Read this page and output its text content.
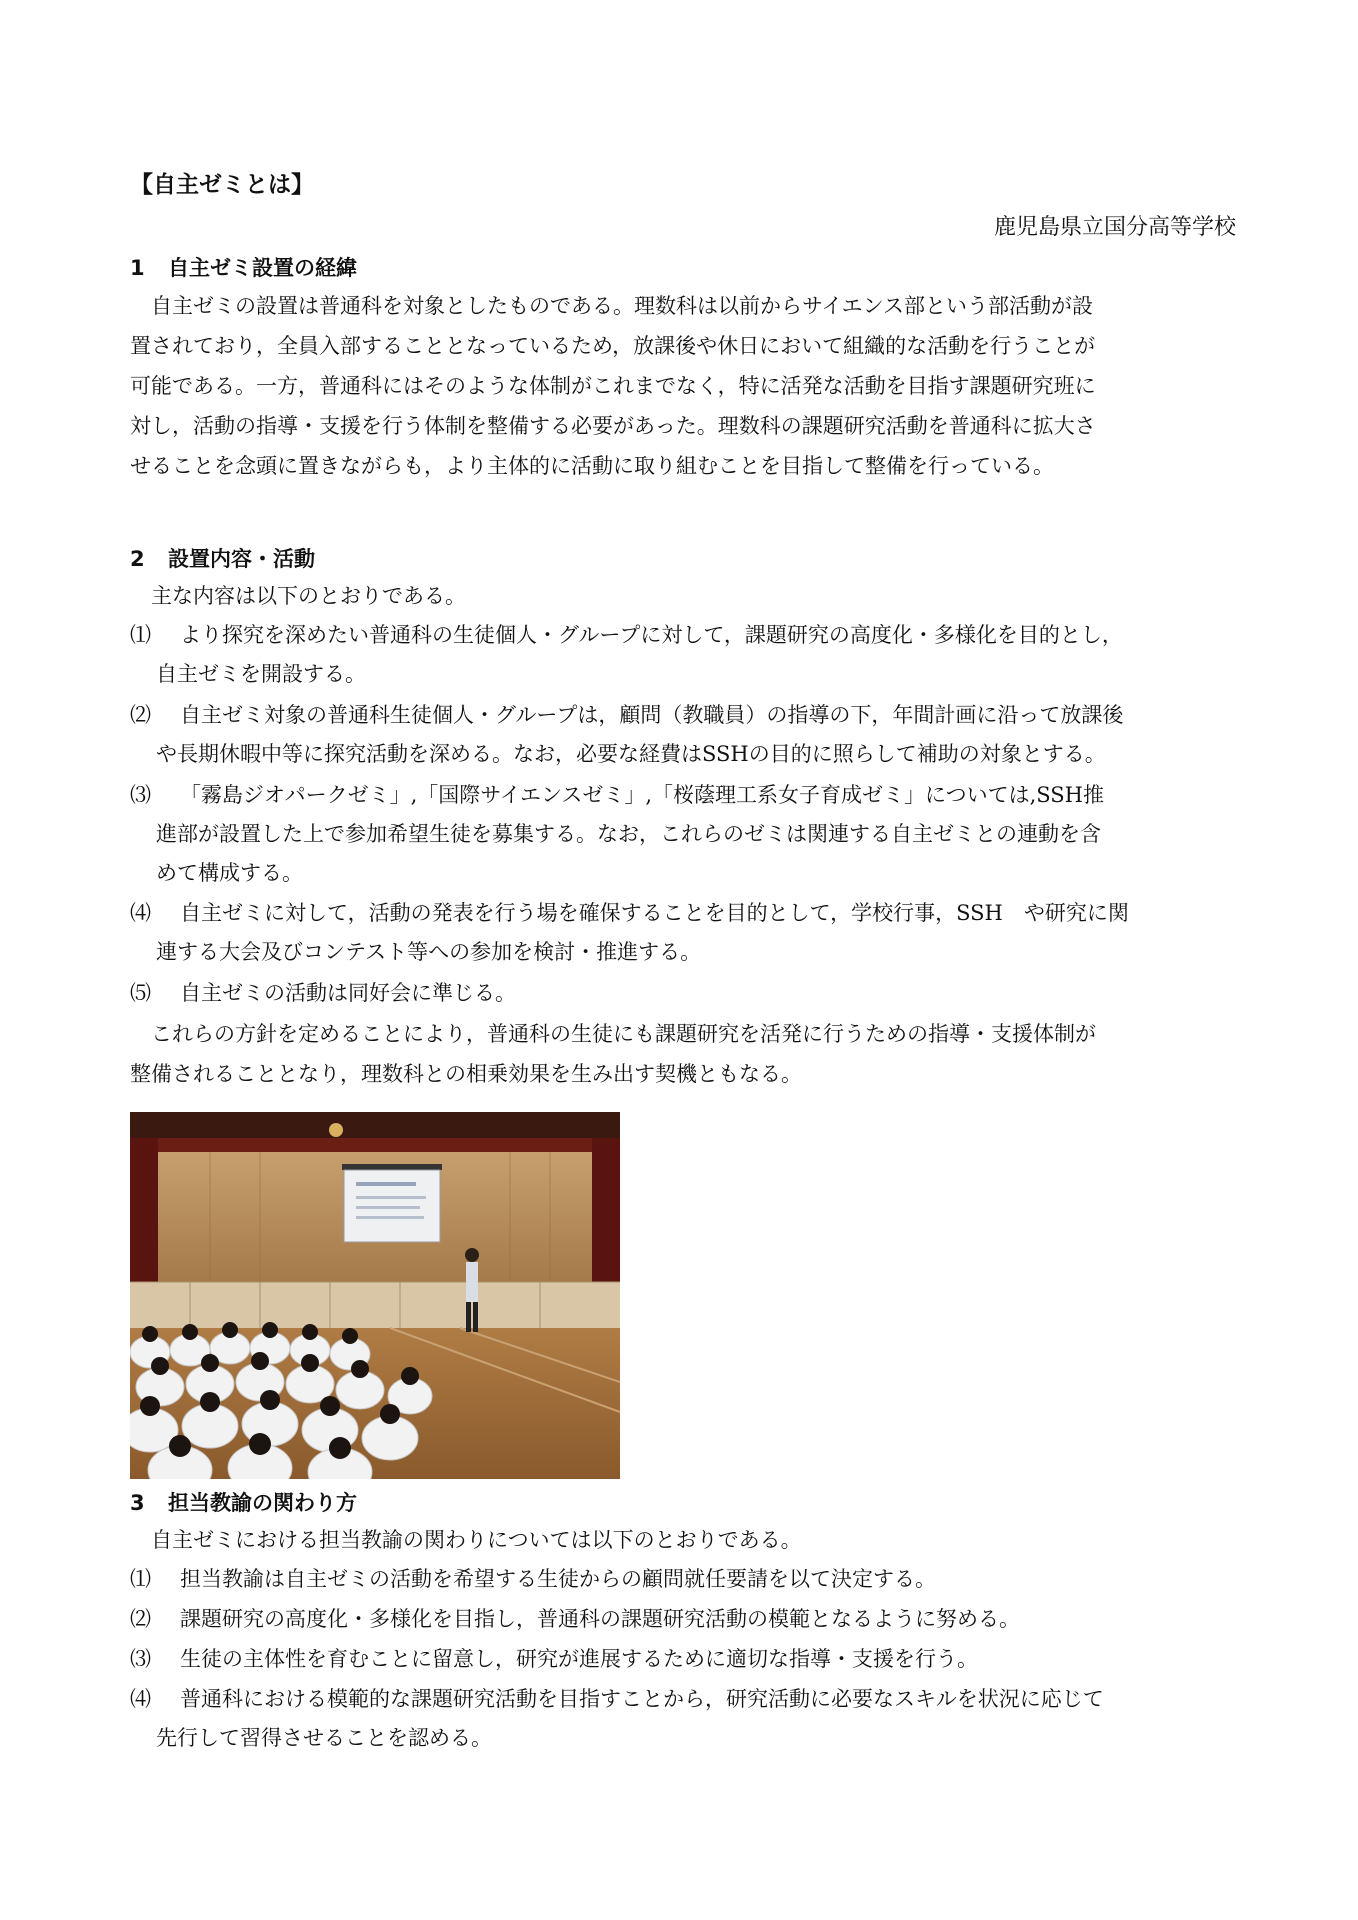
【自主ゼミとは】
鹿児島県立国分高等学校
1 自主ゼミ設置の経緯
　自主ゼミの設置は普通科を対象としたものである。理数科は以前からサイエンス部という部活動が設
置されており，全員入部することとなっているため，放課後や休日において組織的な活動を行うことが
可能である。一方，普通科にはそのような体制がこれまでなく，特に活発な活動を目指す課題研究班に
対し，活動の指導・支援を行う体制を整備する必要があった。理数科の課題研究活動を普通科に拡大さ
せることを念頭に置きながらも，より主体的に活動に取り組むことを目指して整備を行っている。
2 設置内容・活動
　主な内容は以下のとおりである。
⑴ より探究を深めたい普通科の生徒個人・グループに対して，課題研究の高度化・多様化を目的とし，
自主ゼミを開設する。
⑵ 自主ゼミ対象の普通科生徒個人・グループは，顧問（教職員）の指導の下，年間計画に沿って放課後
や長期休暇中等に探究活動を深める。なお，必要な経費はSSHの目的に照らして補助の対象とする。
⑶ 「霧島ジオパークゼミ」,「国際サイエンスゼミ」,「桜蔭理工系女子育成ゼミ」については,SSH推
進部が設置した上で参加希望生徒を募集する。なお，これらのゼミは関連する自主ゼミとの連動を含
めて構成する。
⑷ 自主ゼミに対して，活動の発表を行う場を確保することを目的として，学校行事，SSH　や研究に関
連する大会及びコンテスト等への参加を検討・推進する。
⑸ 自主ゼミの活動は同好会に準じる。
　これらの方針を定めることにより，普通科の生徒にも課題研究を活発に行うための指導・支援体制が
整備されることとなり，理数科との相乗効果を生み出す契機ともなる。
3 担当教諭の関わり方
　自主ゼミにおける担当教諭の関わりについては以下のとおりである。
⑴ 担当教諭は自主ゼミの活動を希望する生徒からの顧問就任要請を以て決定する。
⑵ 課題研究の高度化・多様化を目指し，普通科の課題研究活動の模範となるように努める。
⑶ 生徒の主体性を育むことに留意し，研究が進展するために適切な指導・支援を行う。
⑷ 普通科における模範的な課題研究活動を目指すことから，研究活動に必要なスキルを状況に応じて
先行して習得させることを認める。
